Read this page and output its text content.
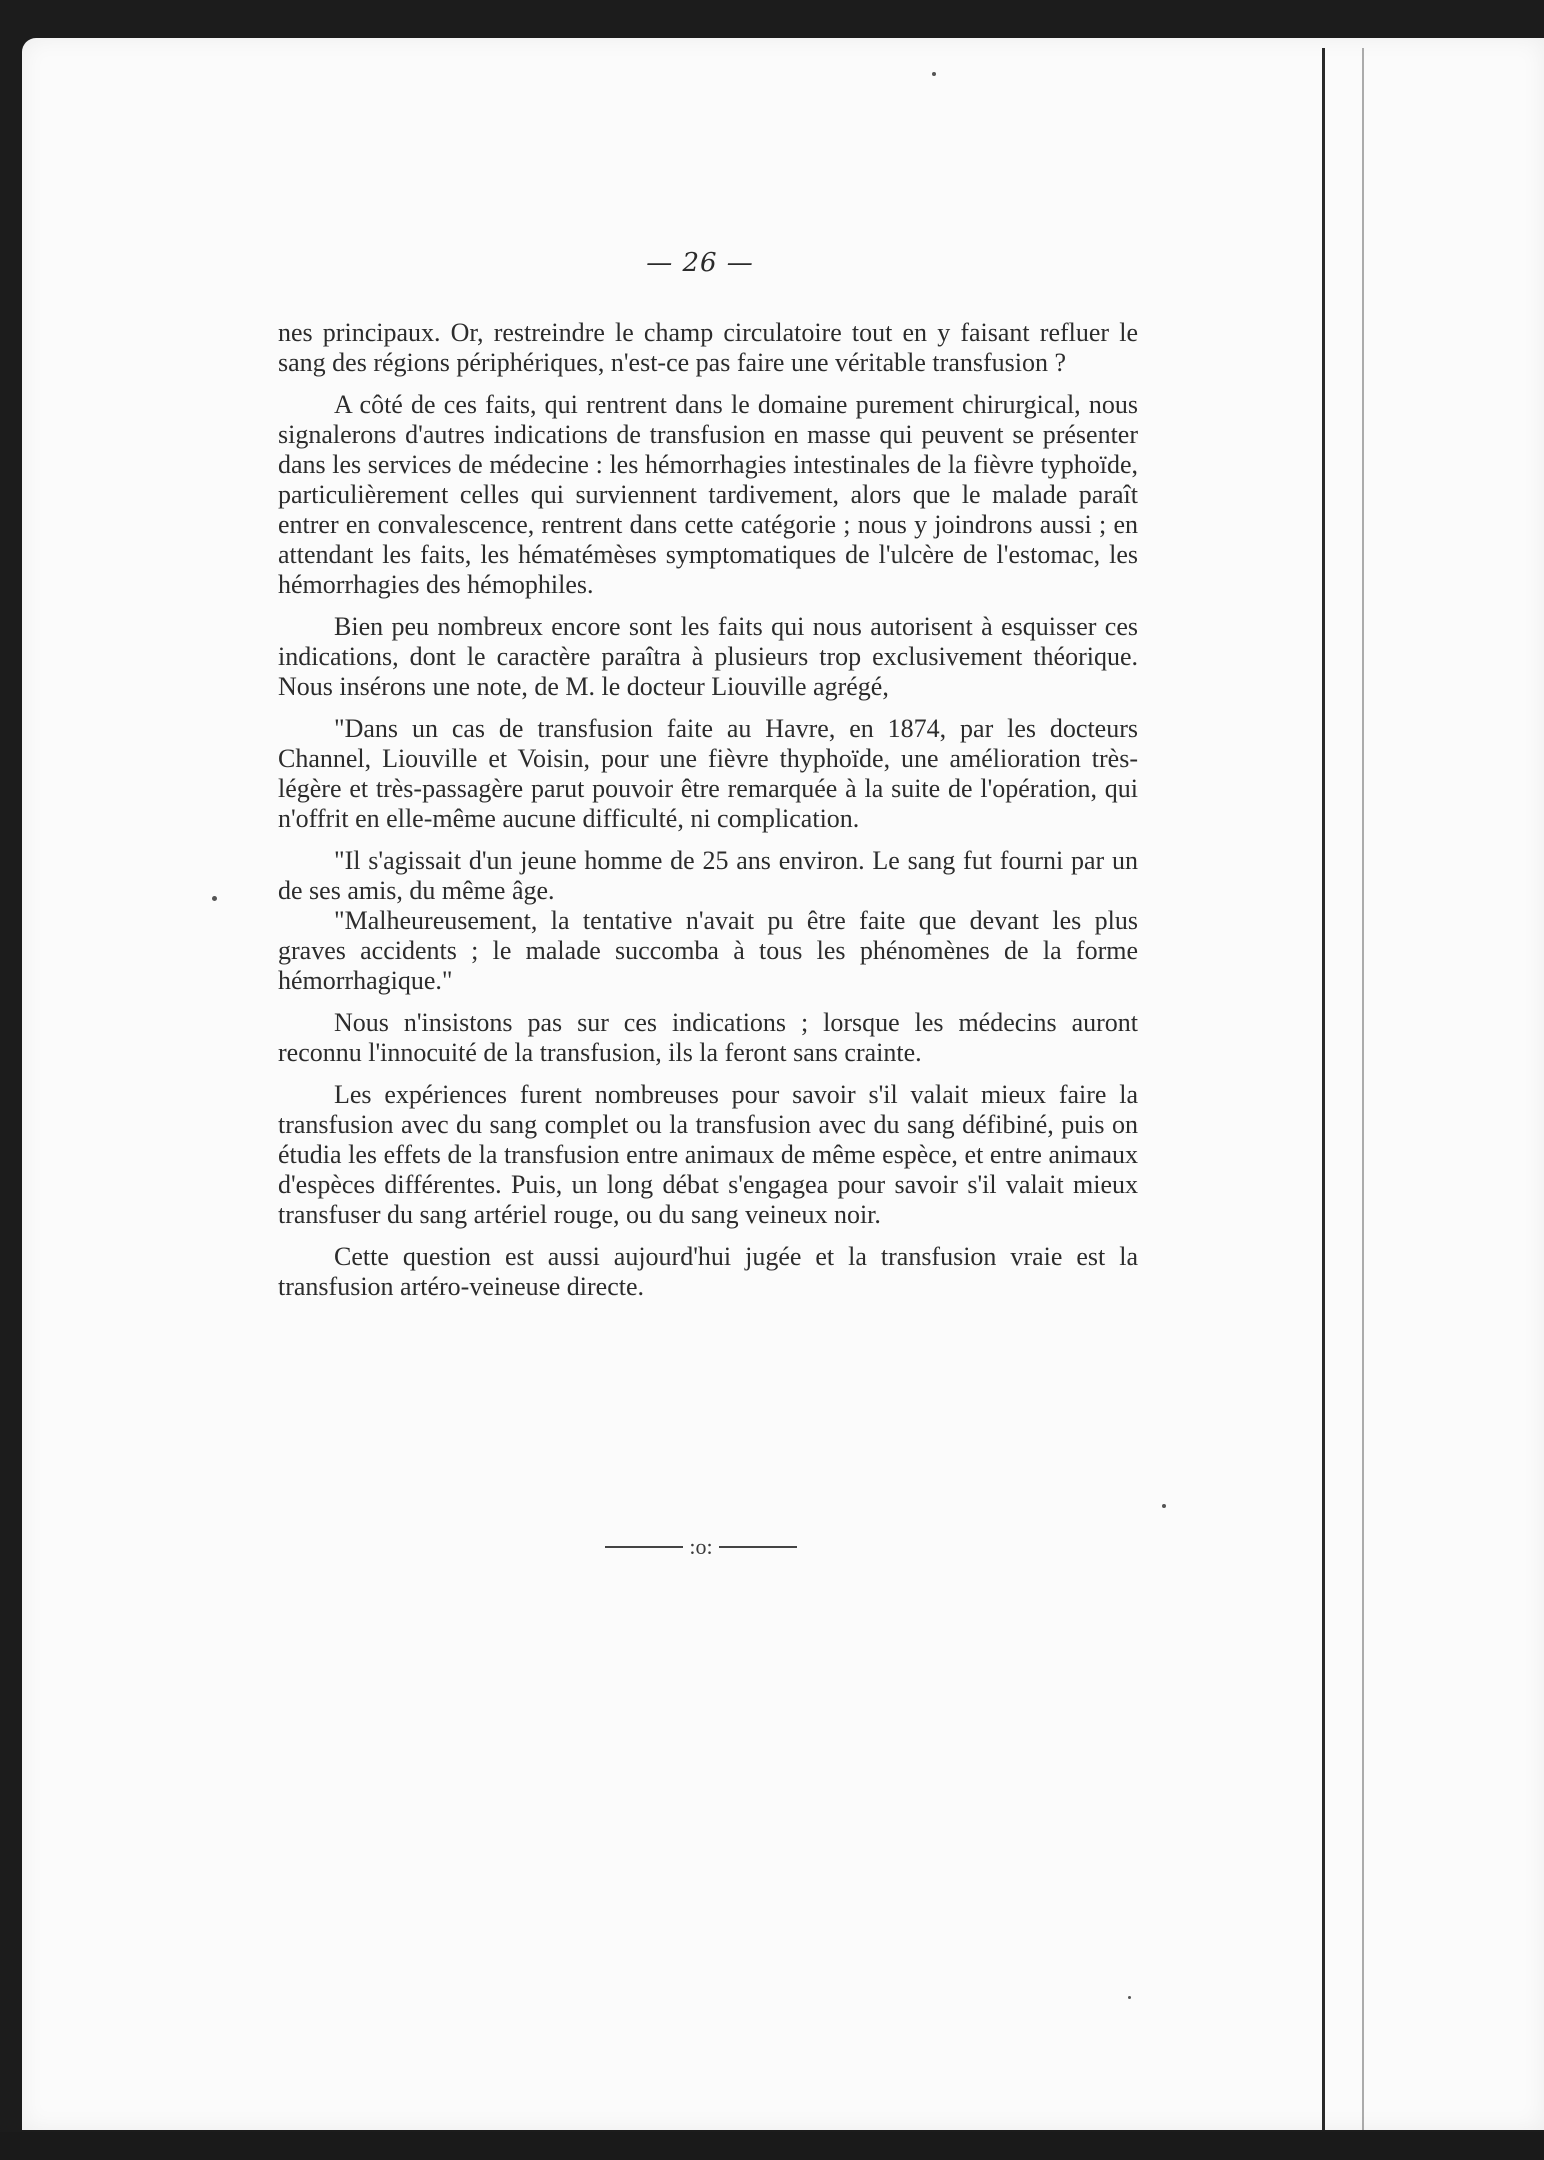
— 26 —

nes principaux. Or, restreindre le champ circulatoire tout en y faisant refluer le sang des régions périphériques, n'est-ce pas faire une véritable transfusion ?

A côté de ces faits, qui rentrent dans le domaine purement chirurgical, nous signalerons d'autres indications de transfusion en masse qui peuvent se présenter dans les services de médecine : les hémorrhagies intestinales de la fièvre typhoïde, particulièrement celles qui surviennent tardivement, alors que le malade paraît entrer en convalescence, rentrent dans cette catégorie ; nous y joindrons aussi ; en attendant les faits, les hématémèses symptomatiques de l'ulcère de l'estomac, les hémorrhagies des hémophiles.

Bien peu nombreux encore sont les faits qui nous autorisent à esquisser ces indications, dont le caractère paraîtra à plusieurs trop exclusivement théorique. Nous insérons une note, de M. le docteur Liouville agrégé,

"Dans un cas de transfusion faite au Havre, en 1874, par les docteurs Channel, Liouville et Voisin, pour une fièvre thyphoïde, une amélioration très-légère et très-passagère parut pouvoir être remarquée à la suite de l'opération, qui n'offrit en elle-même aucune difficulté, ni complication.

"Il s'agissait d'un jeune homme de 25 ans environ. Le sang fut fourni par un de ses amis, du même âge.

"Malheureusement, la tentative n'avait pu être faite que devant les plus graves accidents ; le malade succomba à tous les phénomènes de la forme hémorrhagique."

Nous n'insistons pas sur ces indications ; lorsque les médecins auront reconnu l'innocuité de la transfusion, ils la feront sans crainte.

Les expériences furent nombreuses pour savoir s'il valait mieux faire la transfusion avec du sang complet ou la transfusion avec du sang défibiné, puis on étudia les effets de la transfusion entre animaux de même espèce, et entre animaux d'espèces différentes. Puis, un long débat s'engagea pour savoir s'il valait mieux transfuser du sang artériel rouge, ou du sang veineux noir.

Cette question est aussi aujourd'hui jugée et la transfusion vraie est la transfusion artéro-veineuse directe.

:o:
